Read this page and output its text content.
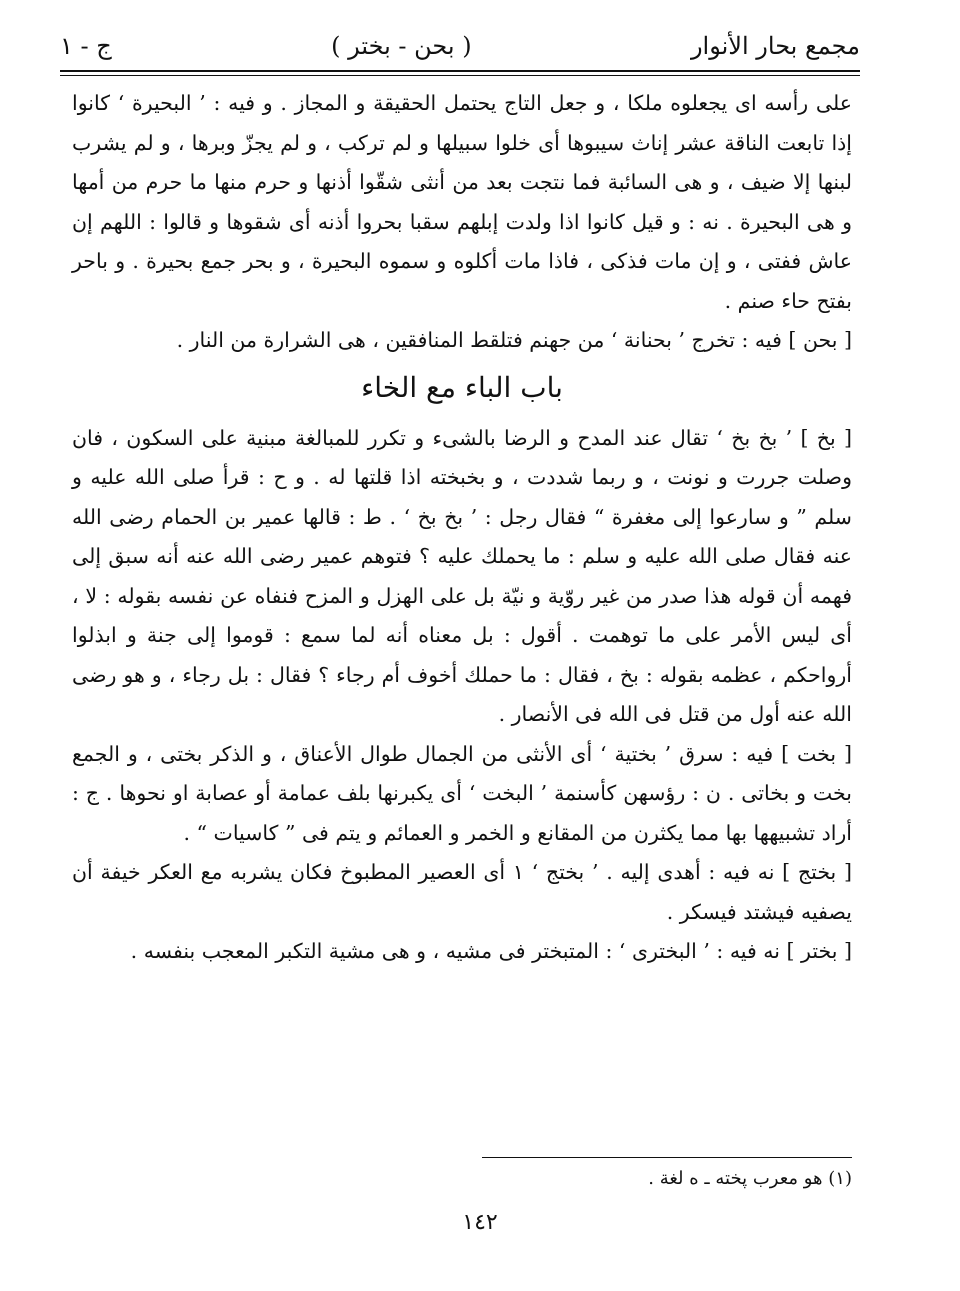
مجمع بحار الأنوار
( بحن - بختر )
ج - ١

على رأسه اى يجعلوه ملكا ، و جعل التاج يحتمل الحقيقة و المجاز . و فيه : ’ البحيرة ‘ كانوا إذا تابعت الناقة عشر إناث سيبوها أى خلوا سبيلها و لم تركب ، و لم يجزّ وبرها ، و لم يشرب لبنها إلا ضيف ، و هى السائبة فما نتجت بعد من أنثى شقّوا أذنها و حرم منها ما حرم من أمها و هى البحيرة . نه : و قيل كانوا اذا ولدت إبلهم سقبا بحروا أذنه أى شقوها و قالوا : اللهم إن عاش ففتى ، و إن مات فذكى ، فاذا مات أكلوه و سموه البحيرة ، و بحر جمع بحيرة . و باحر بفتح حاء صنم .

[ بحن ] فيه : تخرج ’ بحنانة ‘ من جهنم فتلقط المنافقين ، هى الشرارة من النار .

باب الباء مع الخاء

[ بخ ] ’ بخ بخ ‘ تقال عند المدح و الرضا بالشىء و تكرر للمبالغة مبنية على السكون ، فان وصلت جررت و نونت ، و ربما شددت ، و بخبخته اذا قلتها له . و ح : قرأ صلى الله عليه و سلم ” و سارعوا إلى مغفرة “ فقال رجل : ’ بخ بخ ‘ . ط : قالها عمير بن الحمام رضى الله عنه فقال صلى الله عليه و سلم : ما يحملك عليه ؟ فتوهم عمير رضى الله عنه أنه سبق إلى فهمه أن قوله هذا صدر من غير روّية و نيّة بل على الهزل و المزح فنفاه عن نفسه بقوله : لا ، أى ليس الأمر على ما توهمت . أقول : بل معناه أنه لما سمع : قوموا إلى جنة و ابذلوا أرواحكم ، عظمه بقوله : بخ ، فقال : ما حملك أخوف أم رجاء ؟ فقال : بل رجاء ، و هو رضى الله عنه أول من قتل فى الله فى الأنصار .

[ بخت ] فيه : سرق ’ بختية ‘ أى الأنثى من الجمال طوال الأعناق ، و الذكر بختى ، و الجمع بخت و بخاتى . ن : رؤسهن كأسنمة ’ البخت ‘ أى يكبرنها بلف عمامة أو عصابة او نحوها . ج : أراد تشبيهها بها مما يكثرن من المقانع و الخمر و العمائم و يتم فى ” كاسيات “ .

[ بختج ] نه فيه : أهدى إليه . ’ بختج ‘ ١ أى العصير المطبوخ فكان يشربه مع العكر خيفة أن يصفيه فيشتد فيسكر .

[ بختر ] نه فيه : ’ البخترى ‘ : المتبختر فى مشيه ، و هى مشية التكبر المعجب بنفسه .

(١) هو معرب پخته ـ ه لغة .
١٤٢
